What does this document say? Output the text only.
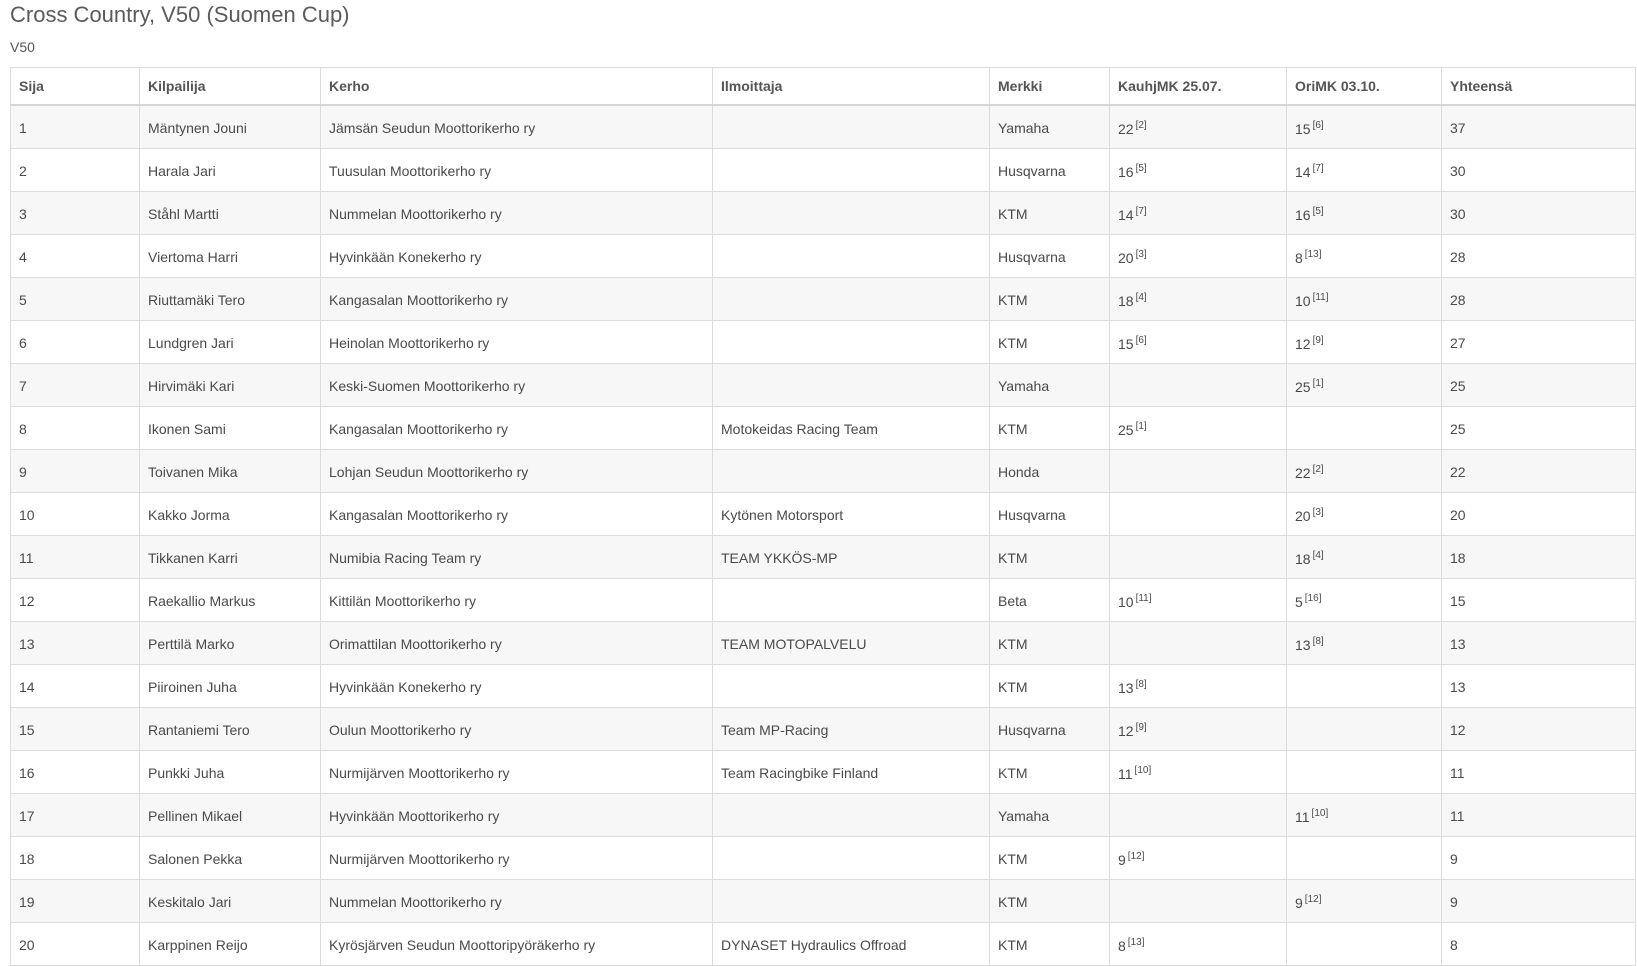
Cross Country, V50 (Suomen Cup)
V50
Sija	Kilpailija	Kerho	Ilmoittaja	Merkki	KauhjMK 25.07.	OriMK 03.10.	Yhteensä
1	Mäntynen Jouni	Jämsän Seudun Moottorikerho ry		Yamaha	22 [2]	15 [6]	37
2	Harala Jari	Tuusulan Moottorikerho ry		Husqvarna	16 [5]	14 [7]	30
3	Ståhl Martti	Nummelan Moottorikerho ry		KTM	14 [7]	16 [5]	30
4	Viertoma Harri	Hyvinkään Konekerho ry		Husqvarna	20 [3]	8 [13]	28
5	Riuttamäki Tero	Kangasalan Moottorikerho ry		KTM	18 [4]	10 [11]	28
6	Lundgren Jari	Heinolan Moottorikerho ry		KTM	15 [6]	12 [9]	27
7	Hirvimäki Kari	Keski-Suomen Moottorikerho ry		Yamaha		25 [1]	25
8	Ikonen Sami	Kangasalan Moottorikerho ry	Motokeidas Racing Team	KTM	25 [1]		25
9	Toivanen Mika	Lohjan Seudun Moottorikerho ry		Honda		22 [2]	22
10	Kakko Jorma	Kangasalan Moottorikerho ry	Kytönen Motorsport	Husqvarna		20 [3]	20
11	Tikkanen Karri	Numibia Racing Team ry	TEAM YKKÖS-MP	KTM		18 [4]	18
12	Raekallio Markus	Kittilän Moottorikerho ry		Beta	10 [11]	5 [16]	15
13	Perttilä Marko	Orimattilan Moottorikerho ry	TEAM MOTOPALVELU	KTM		13 [8]	13
14	Piiroinen Juha	Hyvinkään Konekerho ry		KTM	13 [8]		13
15	Rantaniemi Tero	Oulun Moottorikerho ry	Team MP-Racing	Husqvarna	12 [9]		12
16	Punkki Juha	Nurmijärven Moottorikerho ry	Team Racingbike Finland	KTM	11 [10]		11
17	Pellinen Mikael	Hyvinkään Moottorikerho ry		Yamaha		11 [10]	11
18	Salonen Pekka	Nurmijärven Moottorikerho ry		KTM	9 [12]		9
19	Keskitalo Jari	Nummelan Moottorikerho ry		KTM		9 [12]	9
20	Karppinen Reijo	Kyrösjärven Seudun Moottoripyöräkerho ry	DYNASET Hydraulics Offroad	KTM	8 [13]		8
